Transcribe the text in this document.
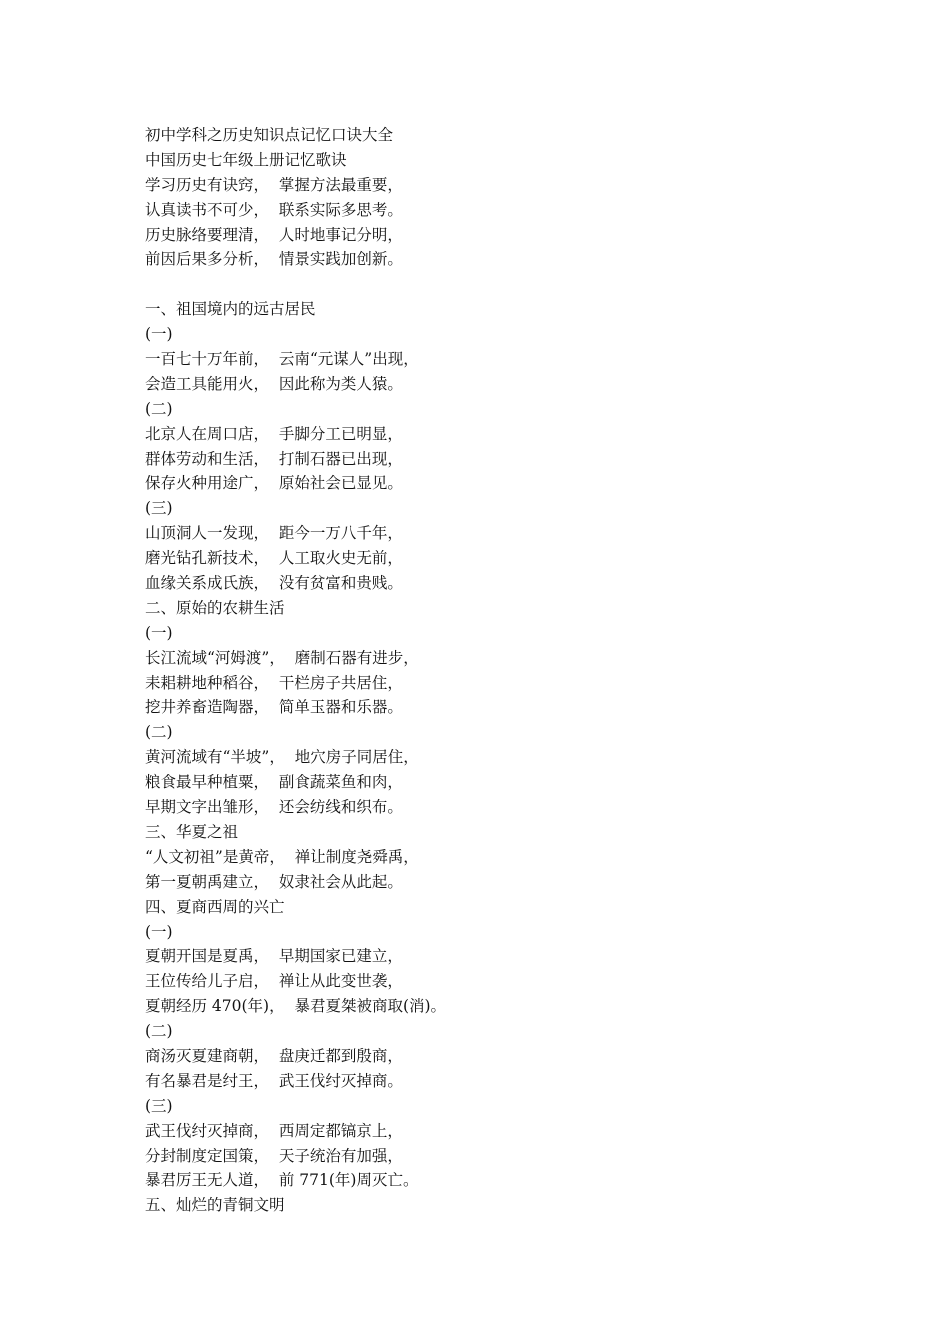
初中学科之历史知识点记忆口诀大全
中国历史七年级上册记忆歌诀
学习历史有诀窍，  掌握方法最重要，
认真读书不可少，  联系实际多思考。
历史脉络要理清，  人时地事记分明，
前因后果多分析，  情景实践加创新。
一、祖国境内的远古居民
(一)
一百七十万年前，  云南“元谋人”出现，
会造工具能用火，  因此称为类人猿。
(二)
北京人在周口店，  手脚分工已明显，
群体劳动和生活，  打制石器已出现，
保存火种用途广，  原始社会已显见。
(三)
山顶洞人一发现，  距今一万八千年，
磨光钻孔新技术，  人工取火史无前，
血缘关系成氏族，  没有贫富和贵贱。
二、原始的农耕生活
(一)
长江流域“河姆渡”，  磨制石器有进步，
耒耜耕地种稻谷，  干栏房子共居住，
挖井养畜造陶器，  简单玉器和乐器。
(二)
黄河流域有“半坡”，  地穴房子同居住，
粮食最早种植粟，  副食蔬菜鱼和肉，
早期文字出雏形，  还会纺线和织布。
三、华夏之祖
“人文初祖”是黄帝，  禅让制度尧舜禹，
第一夏朝禹建立，  奴隶社会从此起。
四、夏商西周的兴亡
(一)
夏朝开国是夏禹，  早期国家已建立，
王位传给儿子启，  禅让从此变世袭，
夏朝经历 470(年)，  暴君夏桀被商取(消)。
(二)
商汤灭夏建商朝，  盘庚迁都到殷商，
有名暴君是纣王，  武王伐纣灭掉商。
(三)
武王伐纣灭掉商，  西周定都镐京上，
分封制度定国策，  天子统治有加强，
暴君厉王无人道，  前 771(年)周灭亡。
五、灿烂的青铜文明
